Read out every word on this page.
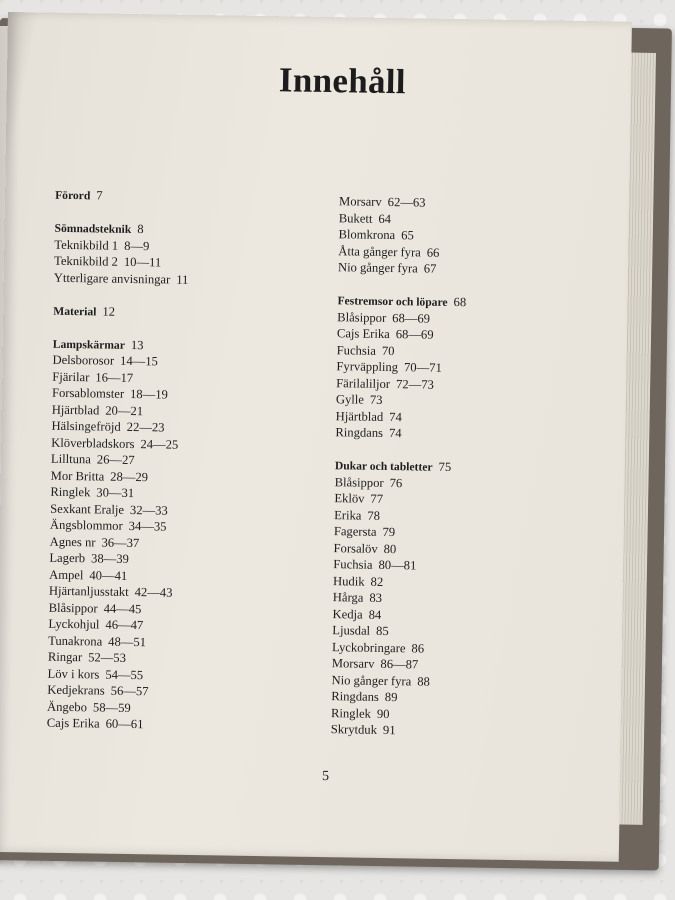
Innehåll
Förord 7
Sömnadsteknik 8
Teknikbild 1 8—9
Teknikbild 2 10—11
Ytterligare anvisningar 11
Material 12
Lampskärmar 13
Delsborosor 14—15
Fjärilar 16—17
Forsablomster 18—19
Hjärtblad 20—21
Hälsingefröjd 22—23
Klöverbladskors 24—25
Lilltuna 26—27
Mor Britta 28—29
Ringlek 30—31
Sexkant Eralje 32—33
Ängsblommor 34—35
Agnes nr 36—37
Lagerb 38—39
Ampel 40—41
Hjärtanljusstakt 42—43
Blåsippor 44—45
Lyckohjul 46—47
Tunakrona 48—51
Ringar 52—53
Löv i kors 54—55
Kedjekrans 56—57
Ängebo 58—59
Cajs Erika 60—61
Morsarv 62—63
Bukett 64
Blomkrona 65
Åtta gånger fyra 66
Nio gånger fyra 67
Festremsor och löpare 68
Blåsippor 68—69
Cajs Erika 68—69
Fuchsia 70
Fyrväppling 70—71
Färilaliljor 72—73
Gylle 73
Hjärtblad 74
Ringdans 74
Dukar och tabletter 75
Blåsippor 76
Eklöv 77
Erika 78
Fagersta 79
Forsalöv 80
Fuchsia 80—81
Hudik 82
Hårga 83
Kedja 84
Ljusdal 85
Lyckobringare 86
Morsarv 86—87
Nio gånger fyra 88
Ringdans 89
Ringlek 90
Skrytduk 91
5
